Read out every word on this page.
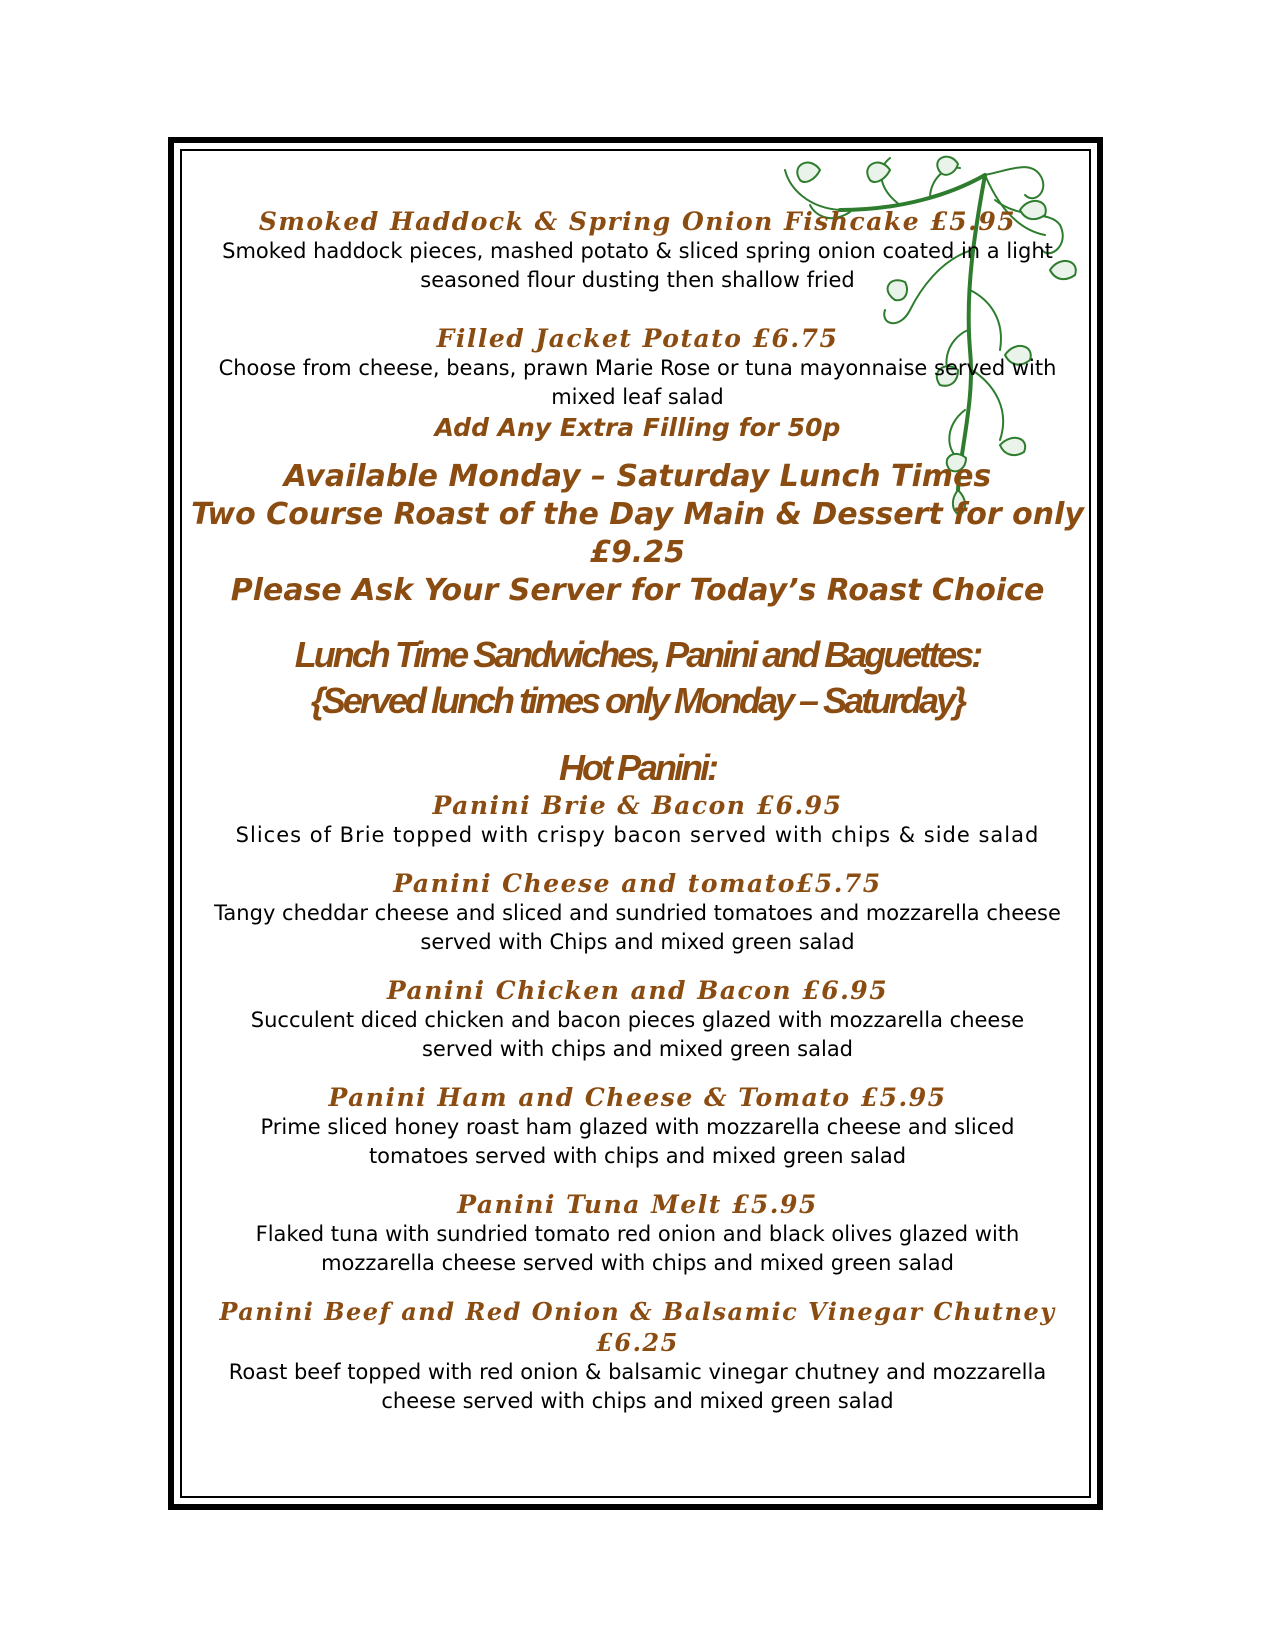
Smoked Haddock & Spring Onion Fishcake £5.95

Smoked haddock pieces, mashed potato & sliced spring onion coated in a light

seasoned flour dusting then shallow fried

Filled Jacket Potato £6.75

Choose from cheese, beans, prawn Marie Rose or tuna mayonnaise served with

mixed leaf salad

Add Any Extra Filling for 50p

Available Monday – Saturday Lunch Times

Two Course Roast of the Day Main & Dessert for only

£9.25

Please Ask Your Server for Today’s Roast Choice

Lunch Time Sandwiches, Panini and Baguettes:

{Served lunch times only Monday – Saturday}

Hot Panini:

Panini Brie & Bacon £6.95

Slices of Brie topped with crispy bacon served with chips & side salad

Panini Cheese and tomato£5.75

Tangy cheddar cheese and sliced and sundried tomatoes and mozzarella cheese

served with Chips and mixed green salad

Panini Chicken and Bacon £6.95

Succulent diced chicken and bacon pieces glazed with mozzarella cheese

served with chips and mixed green salad

Panini Ham and Cheese & Tomato £5.95

Prime sliced honey roast ham glazed with mozzarella cheese and sliced

tomatoes served with chips and mixed green salad

Panini Tuna Melt £5.95

Flaked tuna with sundried tomato red onion and black olives glazed with

mozzarella cheese served with chips and mixed green salad

Panini Beef and Red Onion & Balsamic Vinegar Chutney £6.25

Roast beef topped with red onion & balsamic vinegar chutney and mozzarella

cheese served with chips and mixed green salad
